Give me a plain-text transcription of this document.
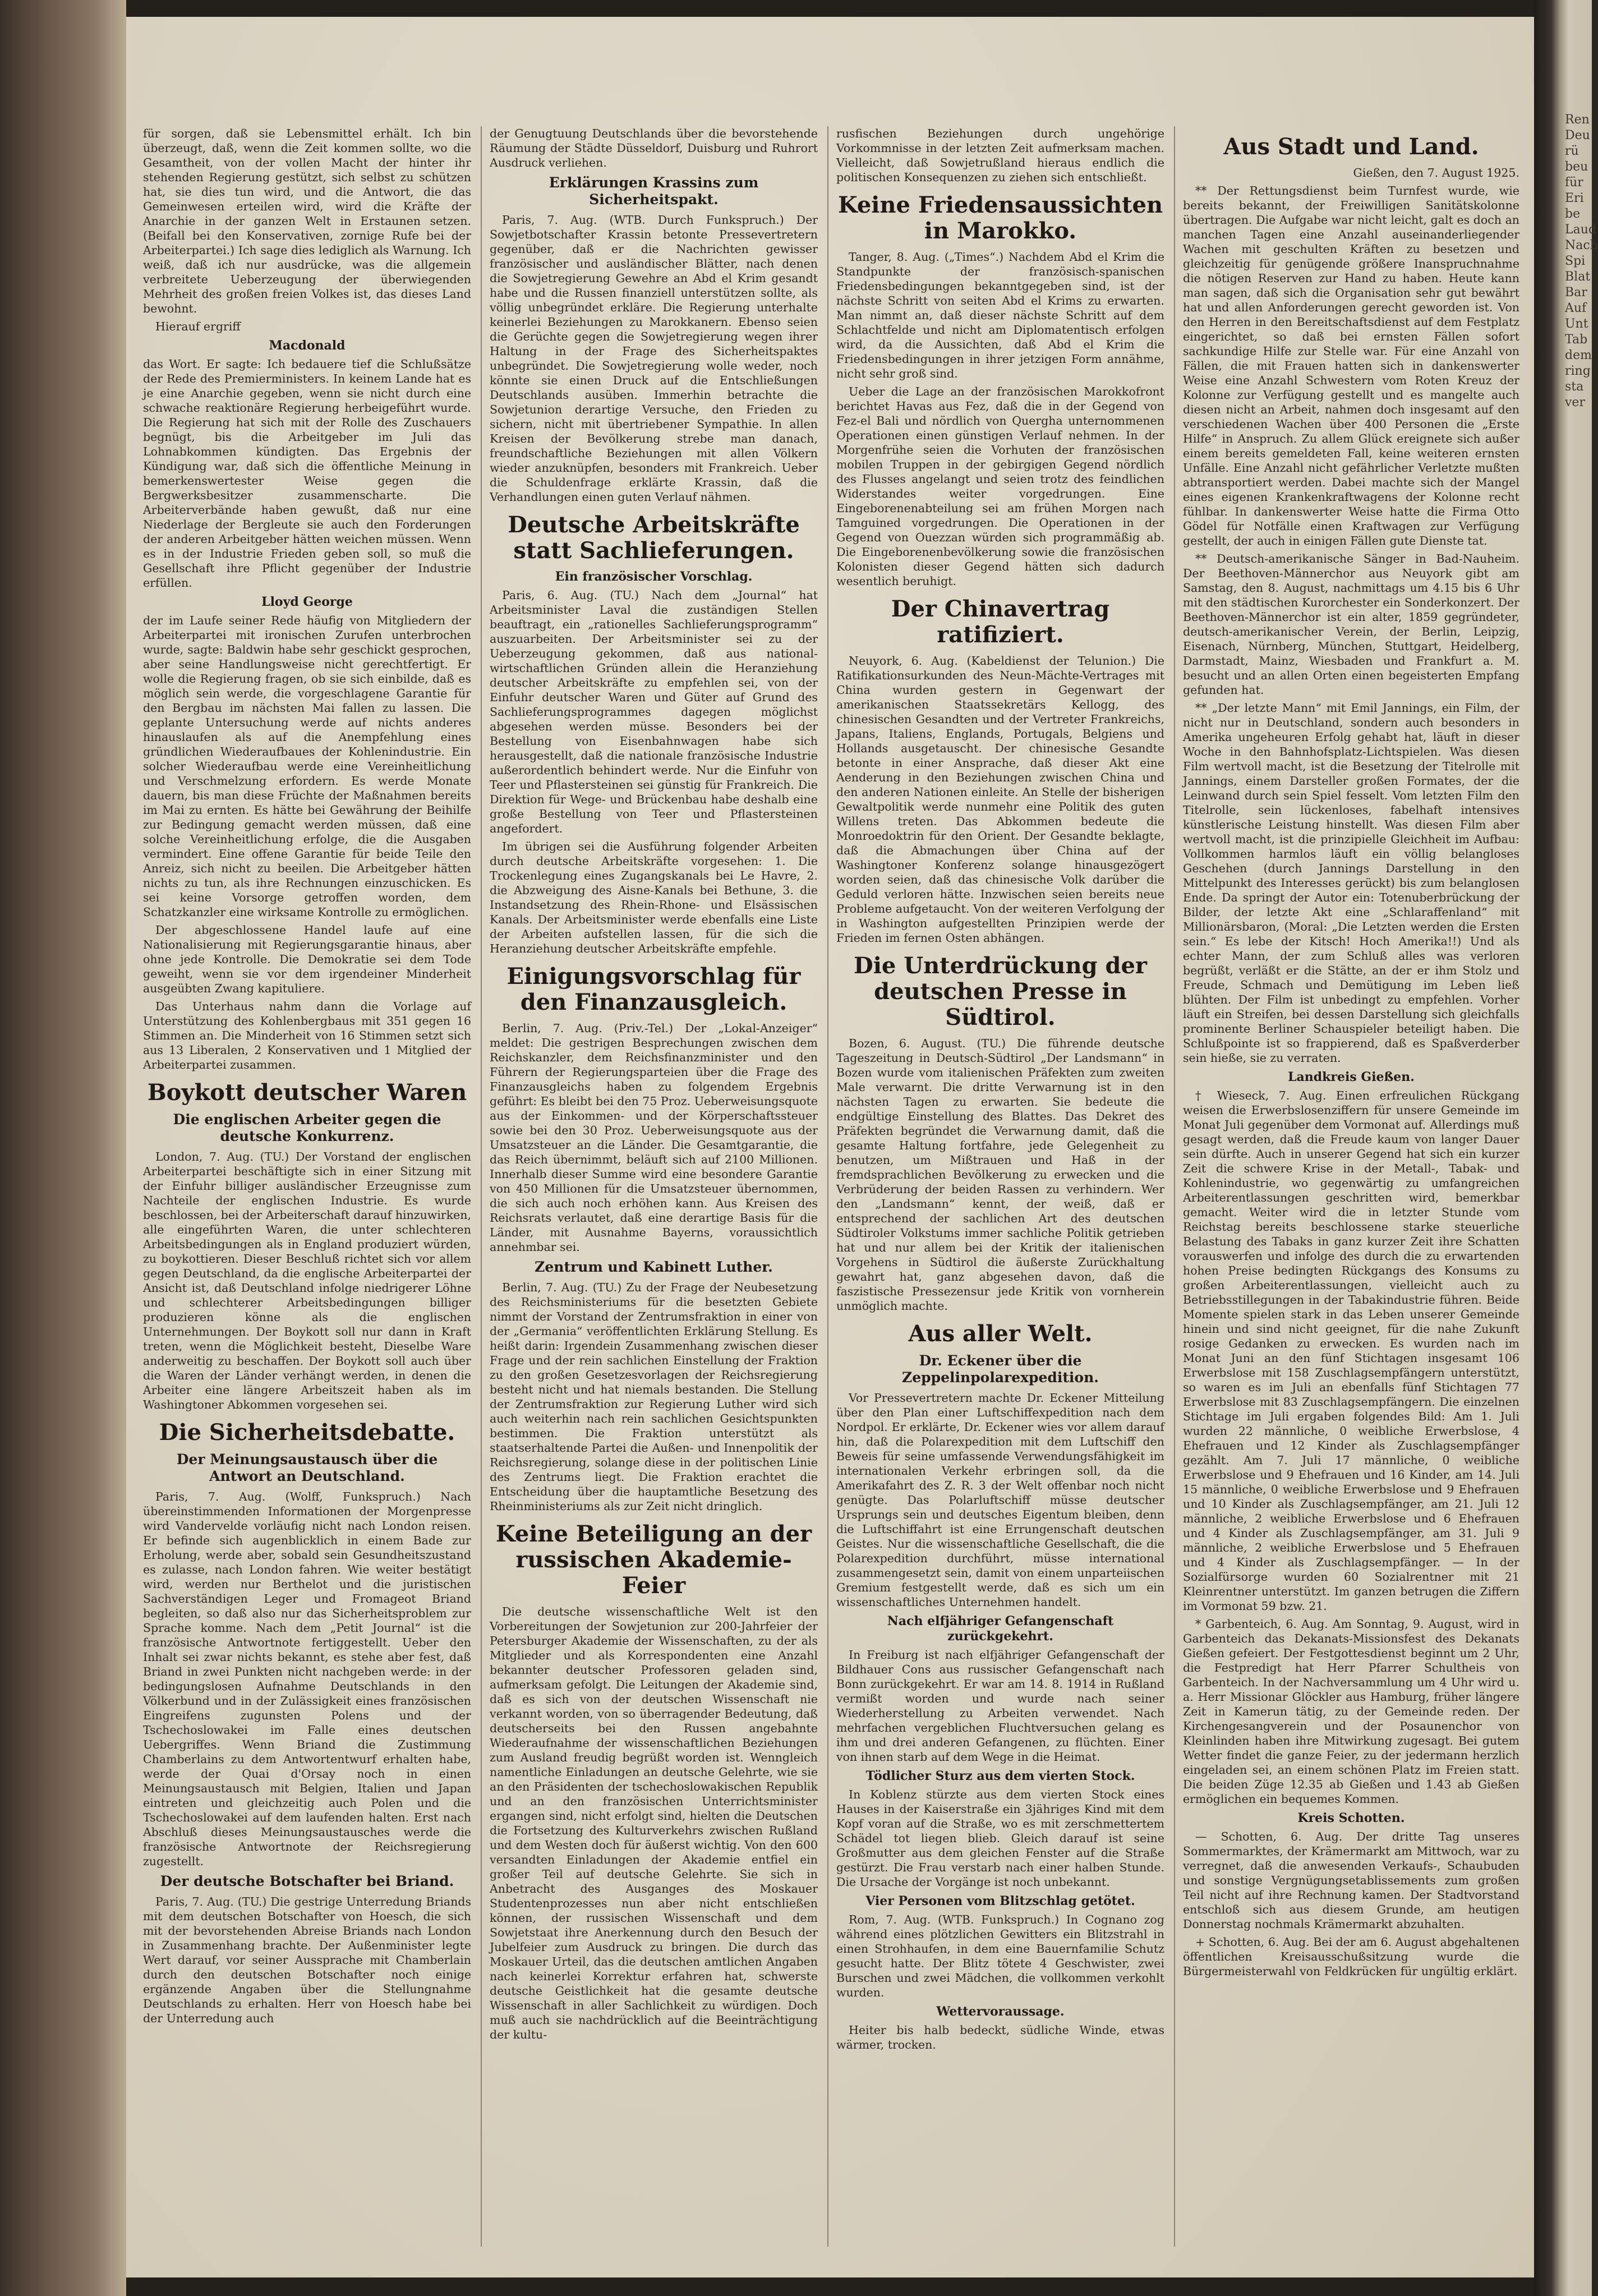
für sorgen, daß sie Lebensmittel erhält. Ich bin überzeugt, daß, wenn die Zeit kommen sollte, wo die Gesamtheit, von der vollen Macht der hinter ihr stehenden Regierung gestützt, sich selbst zu schützen hat, sie dies tun wird, und die Antwort, die das Gemeinwesen erteilen wird, wird die Kräfte der Anarchie in der ganzen Welt in Erstaunen setzen. (Beifall bei den Konservativen, zornige Rufe bei der Arbeiterpartei.) Ich sage dies lediglich als Warnung. Ich weiß, daß ich nur ausdrücke, was die allgemein verbreitete Ueberzeugung der überwiegenden Mehrheit des großen freien Volkes ist, das dieses Land bewohnt.

Hierauf ergriff

Macdonald

das Wort. Er sagte: Ich bedauere tief die Schlußsätze der Rede des Premierministers. In keinem Lande hat es je eine Anarchie gegeben, wenn sie nicht durch eine schwache reaktionäre Regierung herbeigeführt wurde. Die Regierung hat sich mit der Rolle des Zuschauers begnügt, bis die Arbeitgeber im Juli das Lohnabkommen kündigten. Das Ergebnis der Kündigung war, daß sich die öffentliche Meinung in bemerkenswertester Weise gegen die Bergwerksbesitzer zusammenscharte. Die Arbeiterverbände haben gewußt, daß nur eine Niederlage der Bergleute sie auch den Forderungen der anderen Arbeitgeber hätten weichen müssen. Wenn es in der Industrie Frieden geben soll, so muß die Gesellschaft ihre Pflicht gegenüber der Industrie erfüllen.

Lloyd George

der im Laufe seiner Rede häufig von Mitgliedern der Arbeiterpartei mit ironischen Zurufen unterbrochen wurde, sagte: Baldwin habe sehr geschickt gesprochen, aber seine Handlungsweise nicht gerechtfertigt. Er wolle die Regierung fragen, ob sie sich einbilde, daß es möglich sein werde, die vorgeschlagene Garantie für den Bergbau im nächsten Mai fallen zu lassen. Die geplante Untersuchung werde auf nichts anderes hinauslaufen als auf die Anempfehlung eines gründlichen Wiederaufbaues der Kohlenindustrie. Ein solcher Wiederaufbau werde eine Vereinheitlichung und Verschmelzung erfordern. Es werde Monate dauern, bis man diese Früchte der Maßnahmen bereits im Mai zu ernten. Es hätte bei Gewährung der Beihilfe zur Bedingung gemacht werden müssen, daß eine solche Vereinheitlichung erfolge, die die Ausgaben vermindert. Eine offene Garantie für beide Teile den Anreiz, sich nicht zu beeilen. Die Arbeitgeber hätten nichts zu tun, als ihre Rechnungen einzuschicken. Es sei keine Vorsorge getroffen worden, dem Schatzkanzler eine wirksame Kontrolle zu ermöglichen.

Der abgeschlossene Handel laufe auf eine Nationalisierung mit Regierungsgarantie hinaus, aber ohne jede Kontrolle. Die Demokratie sei dem Tode geweiht, wenn sie vor dem irgendeiner Minderheit ausgeübten Zwang kapituliere.

Das Unterhaus nahm dann die Vorlage auf Unterstützung des Kohlenbergbaus mit 351 gegen 16 Stimmen an. Die Minderheit von 16 Stimmen setzt sich aus 13 Liberalen, 2 Konservativen und 1 Mitglied der Arbeiterpartei zusammen.

Boykott deutscher Waren
Die englischen Arbeiter gegen die deutsche Konkurrenz.

London, 7. Aug. (TU.) Der Vorstand der englischen Arbeiterpartei beschäftigte sich in einer Sitzung mit der Einfuhr billiger ausländischer Erzeugnisse zum Nachteile der englischen Industrie. Es wurde beschlossen, bei der Arbeiterschaft darauf hinzuwirken, alle eingeführten Waren, die unter schlechteren Arbeitsbedingungen als in England produziert würden, zu boykottieren. Dieser Beschluß richtet sich vor allem gegen Deutschland, da die englische Arbeiterpartei der Ansicht ist, daß Deutschland infolge niedrigerer Löhne und schlechterer Arbeitsbedingungen billiger produzieren könne als die englischen Unternehmungen. Der Boykott soll nur dann in Kraft treten, wenn die Möglichkeit besteht, Dieselbe Ware anderweitig zu beschaffen. Der Boykott soll auch über die Waren der Länder verhängt werden, in denen die Arbeiter eine längere Arbeitszeit haben als im Washingtoner Abkommen vorgesehen sei.

Die Sicherheitsdebatte.
Der Meinungsaustausch über die Antwort an Deutschland.

Paris, 7. Aug. (Wolff, Funkspruch.) Nach übereinstimmenden Informationen der Morgenpresse wird Vandervelde vorläufig nicht nach London reisen. Er befinde sich augenblicklich in einem Bade zur Erholung, werde aber, sobald sein Gesundheitszustand es zulasse, nach London fahren. Wie weiter bestätigt wird, werden nur Berthelot und die juristischen Sachverständigen Leger und Fromageot Briand begleiten, so daß also nur das Sicherheitsproblem zur Sprache komme. Nach dem „Petit Journal“ ist die französische Antwortnote fertiggestellt. Ueber den Inhalt sei zwar nichts bekannt, es stehe aber fest, daß Briand in zwei Punkten nicht nachgeben werde: in der bedingungslosen Aufnahme Deutschlands in den Völkerbund und in der Zulässigkeit eines französischen Eingreifens zugunsten Polens und der Tschechoslowakei im Falle eines deutschen Uebergriffes. Wenn Briand die Zustimmung Chamberlains zu dem Antwortentwurf erhalten habe, werde der Quai d'Orsay noch in einen Meinungsaustausch mit Belgien, Italien und Japan eintreten und gleichzeitig auch Polen und die Tschechoslowakei auf dem laufenden halten. Erst nach Abschluß dieses Meinungsaustausches werde die französische Antwortnote der Reichsregierung zugestellt.

Der deutsche Botschafter bei Briand.

Paris, 7. Aug. (TU.) Die gestrige Unterredung Briands mit dem deutschen Botschafter von Hoesch, die sich mit der bevorstehenden Abreise Briands nach London in Zusammenhang brachte. Der Außenminister legte Wert darauf, vor seiner Aussprache mit Chamberlain durch den deutschen Botschafter noch einige ergänzende Angaben über die Stellungnahme Deutschlands zu erhalten. Herr von Hoesch habe bei der Unterredung auch

der Genugtuung Deutschlands über die bevorstehende Räumung der Städte Düsseldorf, Duisburg und Ruhrort Ausdruck verliehen.

Erklärungen Krassins zum Sicherheitspakt.

Paris, 7. Aug. (WTB. Durch Funkspruch.) Der Sowjetbotschafter Krassin betonte Pressevertretern gegenüber, daß er die Nachrichten gewisser französischer und ausländischer Blätter, nach denen die Sowjetregierung Gewehre an Abd el Krim gesandt habe und die Russen finanziell unterstützen sollte, als völlig unbegründet erkläre. Die Regierung unterhalte keinerlei Beziehungen zu Marokkanern. Ebenso seien die Gerüchte gegen die Sowjetregierung wegen ihrer Haltung in der Frage des Sicherheitspaktes unbegründet. Die Sowjetregierung wolle weder, noch könnte sie einen Druck auf die Entschließungen Deutschlands ausüben. Immerhin betrachte die Sowjetunion derartige Versuche, den Frieden zu sichern, nicht mit übertriebener Sympathie. In allen Kreisen der Bevölkerung strebe man danach, freundschaftliche Beziehungen mit allen Völkern wieder anzuknüpfen, besonders mit Frankreich. Ueber die Schuldenfrage erklärte Krassin, daß die Verhandlungen einen guten Verlauf nähmen.

Deutsche Arbeitskräfte statt Sachlieferungen.
Ein französischer Vorschlag.

Paris, 6. Aug. (TU.) Nach dem „Journal“ hat Arbeitsminister Laval die zuständigen Stellen beauftragt, ein „rationelles Sachlieferungsprogramm“ auszuarbeiten. Der Arbeitsminister sei zu der Ueberzeugung gekommen, daß aus national-wirtschaftlichen Gründen allein die Heranziehung deutscher Arbeitskräfte zu empfehlen sei, von der Einfuhr deutscher Waren und Güter auf Grund des Sachlieferungsprogrammes dagegen möglichst abgesehen werden müsse. Besonders bei der Bestellung von Eisenbahnwagen habe sich herausgestellt, daß die nationale französische Industrie außerordentlich behindert werde. Nur die Einfuhr von Teer und Pflastersteinen sei günstig für Frankreich. Die Direktion für Wege- und Brückenbau habe deshalb eine große Bestellung von Teer und Pflastersteinen angefordert.

Im übrigen sei die Ausführung folgender Arbeiten durch deutsche Arbeitskräfte vorgesehen: 1. Die Trockenlegung eines Zugangskanals bei Le Havre, 2. die Abzweigung des Aisne-Kanals bei Bethune, 3. die Instandsetzung des Rhein-Rhone- und Elsässischen Kanals. Der Arbeitsminister werde ebenfalls eine Liste der Arbeiten aufstellen lassen, für die sich die Heranziehung deutscher Arbeitskräfte empfehle.

Einigungsvorschlag für den Finanzausgleich.

Berlin, 7. Aug. (Priv.-Tel.) Der „Lokal-Anzeiger“ meldet: Die gestrigen Besprechungen zwischen dem Reichskanzler, dem Reichsfinanzminister und den Führern der Regierungsparteien über die Frage des Finanzausgleichs haben zu folgendem Ergebnis geführt: Es bleibt bei den 75 Proz. Ueberweisungsquote aus der Einkommen- und der Körperschaftssteuer sowie bei den 30 Proz. Ueberweisungsquote aus der Umsatzsteuer an die Länder. Die Gesamtgarantie, die das Reich übernimmt, beläuft sich auf 2100 Millionen. Innerhalb dieser Summe wird eine besondere Garantie von 450 Millionen für die Umsatzsteuer übernommen, die sich auch noch erhöhen kann. Aus Kreisen des Reichsrats verlautet, daß eine derartige Basis für die Länder, mit Ausnahme Bayerns, voraussichtlich annehmbar sei.

Zentrum und Kabinett Luther.

Berlin, 7. Aug. (TU.) Zu der Frage der Neubesetzung des Reichsministeriums für die besetzten Gebiete nimmt der Vorstand der Zentrumsfraktion in einer von der „Germania“ veröffentlichten Erklärung Stellung. Es heißt darin: Irgendein Zusammenhang zwischen dieser Frage und der rein sachlichen Einstellung der Fraktion zu den großen Gesetzesvorlagen der Reichsregierung besteht nicht und hat niemals bestanden. Die Stellung der Zentrumsfraktion zur Regierung Luther wird sich auch weiterhin nach rein sachlichen Gesichtspunkten bestimmen. Die Fraktion unterstützt als staatserhaltende Partei die Außen- und Innenpolitik der Reichsregierung, solange diese in der politischen Linie des Zentrums liegt. Die Fraktion erachtet die Entscheidung über die hauptamtliche Besetzung des Rheinministeriums als zur Zeit nicht dringlich.

Keine Beteiligung an der russischen Akademie-Feier

Die deutsche wissenschaftliche Welt ist den Vorbereitungen der Sowjetunion zur 200-Jahrfeier der Petersburger Akademie der Wissenschaften, zu der als Mitglieder und als Korrespondenten eine Anzahl bekannter deutscher Professoren geladen sind, aufmerksam gefolgt. Die Leitungen der Akademie sind, daß es sich von der deutschen Wissenschaft nie verkannt worden, von so überragender Bedeutung, daß deutscherseits bei den Russen angebahnte Wiederaufnahme der wissenschaftlichen Beziehungen zum Ausland freudig begrüßt worden ist. Wenngleich namentliche Einladungen an deutsche Gelehrte, wie sie an den Präsidenten der tschechoslowakischen Republik und an den französischen Unterrichtsminister ergangen sind, nicht erfolgt sind, hielten die Deutschen die Fortsetzung des Kulturverkehrs zwischen Rußland und dem Westen doch für äußerst wichtig. Von den 600 versandten Einladungen der Akademie entfiel ein großer Teil auf deutsche Gelehrte. Sie sich in Anbetracht des Ausganges des Moskauer Studentenprozesses nun aber nicht entschließen können, der russischen Wissenschaft und dem Sowjetstaat ihre Anerkennung durch den Besuch der Jubelfeier zum Ausdruck zu bringen. Die durch das Moskauer Urteil, das die deutschen amtlichen Angaben nach keinerlei Korrektur erfahren hat, schwerste deutsche Geistlichkeit hat die gesamte deutsche Wissenschaft in aller Sachlichkeit zu würdigen. Doch muß auch sie nachdrücklich auf die Beeinträchtigung der kultu-

rusfischen Beziehungen durch ungehörige Vorkommnisse in der letzten Zeit aufmerksam machen. Vielleicht, daß Sowjetrußland hieraus endlich die politischen Konsequenzen zu ziehen sich entschließt.

Keine Friedensaussichten in Marokko.

Tanger, 8. Aug. („Times“.) Nachdem Abd el Krim die Standpunkte der französisch-spanischen Friedensbedingungen bekanntgegeben sind, ist der nächste Schritt von seiten Abd el Krims zu erwarten. Man nimmt an, daß dieser nächste Schritt auf dem Schlachtfelde und nicht am Diplomatentisch erfolgen wird, da die Aussichten, daß Abd el Krim die Friedensbedingungen in ihrer jetzigen Form annähme, nicht sehr groß sind.

Ueber die Lage an der französischen Marokkofront berichtet Havas aus Fez, daß die in der Gegend von Fez-el Bali und nördlich von Quergha unternommenen Operationen einen günstigen Verlauf nehmen. In der Morgenfrühe seien die Vorhuten der französischen mobilen Truppen in der gebirgigen Gegend nördlich des Flusses angelangt und seien trotz des feindlichen Widerstandes weiter vorgedrungen. Eine Eingeborenenabteilung sei am frühen Morgen nach Tamguined vorgedrungen. Die Operationen in der Gegend von Ouezzan würden sich programmäßig ab. Die Eingeborenenbevölkerung sowie die französischen Kolonisten dieser Gegend hätten sich dadurch wesentlich beruhigt.

Der Chinavertrag ratifiziert.

Neuyork, 6. Aug. (Kabeldienst der Telunion.) Die Ratifikationsurkunden des Neun-Mächte-Vertrages mit China wurden gestern in Gegenwart der amerikanischen Staatssekretärs Kellogg, des chinesischen Gesandten und der Vertreter Frankreichs, Japans, Italiens, Englands, Portugals, Belgiens und Hollands ausgetauscht. Der chinesische Gesandte betonte in einer Ansprache, daß dieser Akt eine Aenderung in den Beziehungen zwischen China und den anderen Nationen einleite. An Stelle der bisherigen Gewaltpolitik werde nunmehr eine Politik des guten Willens treten. Das Abkommen bedeute die Monroedoktrin für den Orient. Der Gesandte beklagte, daß die Abmachungen über China auf der Washingtoner Konferenz solange hinausgezögert worden seien, daß das chinesische Volk darüber die Geduld verloren hätte. Inzwischen seien bereits neue Probleme aufgetaucht. Von der weiteren Verfolgung der in Washington aufgestellten Prinzipien werde der Frieden im fernen Osten abhängen.

Die Unterdrückung der deutschen Presse in Südtirol.

Bozen, 6. August. (TU.) Die führende deutsche Tageszeitung in Deutsch-Südtirol „Der Landsmann“ in Bozen wurde vom italienischen Präfekten zum zweiten Male verwarnt. Die dritte Verwarnung ist in den nächsten Tagen zu erwarten. Sie bedeute die endgültige Einstellung des Blattes. Das Dekret des Präfekten begründet die Verwarnung damit, daß die gesamte Haltung fortfahre, jede Gelegenheit zu benutzen, um Mißtrauen und Haß in der fremdsprachlichen Bevölkerung zu erwecken und die Verbrüderung der beiden Rassen zu verhindern. Wer den „Landsmann“ kennt, der weiß, daß er entsprechend der sachlichen Art des deutschen Südtiroler Volkstums immer sachliche Politik getrieben hat und nur allem bei der Kritik der italienischen Vorgehens in Südtirol die äußerste Zurückhaltung gewahrt hat, ganz abgesehen davon, daß die faszistische Pressezensur jede Kritik von vornherein unmöglich machte.

Aus aller Welt.
Dr. Eckener über die Zeppelinpolarexpedition.

Vor Pressevertretern machte Dr. Eckener Mitteilung über den Plan einer Luftschiffexpedition nach dem Nordpol. Er erklärte, Dr. Eckener wies vor allem darauf hin, daß die Polarexpedition mit dem Luftschiff den Beweis für seine umfassende Verwendungsfähigkeit im internationalen Verkehr erbringen soll, da die Amerikafahrt des Z. R. 3 der Welt offenbar noch nicht genügte. Das Polarluftschiff müsse deutscher Ursprungs sein und deutsches Eigentum bleiben, denn die Luftschiffahrt ist eine Errungenschaft deutschen Geistes. Nur die wissenschaftliche Gesellschaft, die die Polarexpedition durchführt, müsse international zusammengesetzt sein, damit von einem unparteiischen Gremium festgestellt werde, daß es sich um ein wissenschaftliches Unternehmen handelt.

Nach elfjähriger Gefangenschaft zurückgekehrt.

In Freiburg ist nach elfjähriger Gefangenschaft der Bildhauer Cons aus russischer Gefangenschaft nach Bonn zurückgekehrt. Er war am 14. 8. 1914 in Rußland vermißt worden und wurde nach seiner Wiederherstellung zu Arbeiten verwendet. Nach mehrfachen vergeblichen Fluchtversuchen gelang es ihm und drei anderen Gefangenen, zu flüchten. Einer von ihnen starb auf dem Wege in die Heimat.

Tödlicher Sturz aus dem vierten Stock.

In Koblenz stürzte aus dem vierten Stock eines Hauses in der Kaiserstraße ein 3jähriges Kind mit dem Kopf voran auf die Straße, wo es mit zerschmettertem Schädel tot liegen blieb. Gleich darauf ist seine Großmutter aus dem gleichen Fenster auf die Straße gestürzt. Die Frau verstarb nach einer halben Stunde. Die Ursache der Vorgänge ist noch unbekannt.

Vier Personen vom Blitzschlag getötet.

Rom, 7. Aug. (WTB. Funkspruch.) In Cognano zog während eines plötzlichen Gewitters ein Blitzstrahl in einen Strohhaufen, in dem eine Bauernfamilie Schutz gesucht hatte. Der Blitz tötete 4 Geschwister, zwei Burschen und zwei Mädchen, die vollkommen verkohlt wurden.

Wettervoraussage.

Heiter bis halb bedeckt, südliche Winde, etwas wärmer, trocken.

Aus Stadt und Land.

Gießen, den 7. August 1925.

** Der Rettungsdienst beim Turnfest wurde, wie bereits bekannt, der Freiwilligen Sanitätskolonne übertragen. Die Aufgabe war nicht leicht, galt es doch an manchen Tagen eine Anzahl auseinanderliegender Wachen mit geschulten Kräften zu besetzen und gleichzeitig für genügende größere Inanspruchnahme die nötigen Reserven zur Hand zu haben. Heute kann man sagen, daß sich die Organisation sehr gut bewährt hat und allen Anforderungen gerecht geworden ist. Von den Herren in den Bereitschaftsdienst auf dem Festplatz eingerichtet, so daß bei ernsten Fällen sofort sachkundige Hilfe zur Stelle war. Für eine Anzahl von Fällen, die mit Frauen hatten sich in dankenswerter Weise eine Anzahl Schwestern vom Roten Kreuz der Kolonne zur Verfügung gestellt und es mangelte auch diesen nicht an Arbeit, nahmen doch insgesamt auf den verschiedenen Wachen über 400 Personen die „Erste Hilfe“ in Anspruch. Zu allem Glück ereignete sich außer einem bereits gemeldeten Fall, keine weiteren ernsten Unfälle. Eine Anzahl nicht gefährlicher Verletzte mußten abtransportiert werden. Dabei machte sich der Mangel eines eigenen Krankenkraftwagens der Kolonne recht fühlbar. In dankenswerter Weise hatte die Firma Otto Gödel für Notfälle einen Kraftwagen zur Verfügung gestellt, der auch in einigen Fällen gute Dienste tat.

** Deutsch-amerikanische Sänger in Bad-Nauheim. Der Beethoven-Männerchor aus Neuyork gibt am Samstag, den 8. August, nachmittags um 4.15 bis 6 Uhr mit den städtischen Kurorchester ein Sonderkonzert. Der Beethoven-Männerchor ist ein alter, 1859 gegründeter, deutsch-amerikanischer Verein, der Berlin, Leipzig, Eisenach, Nürnberg, München, Stuttgart, Heidelberg, Darmstadt, Mainz, Wiesbaden und Frankfurt a. M. besucht und an allen Orten einen begeisterten Empfang gefunden hat.

** „Der letzte Mann“ mit Emil Jannings, ein Film, der nicht nur in Deutschland, sondern auch besonders in Amerika ungeheuren Erfolg gehabt hat, läuft in dieser Woche in den Bahnhofsplatz-Lichtspielen. Was diesen Film wertvoll macht, ist die Besetzung der Titelrolle mit Jannings, einem Darsteller großen Formates, der die Leinwand durch sein Spiel fesselt. Vom letzten Film den Titelrolle, sein lückenloses, fabelhaft intensives künstlerische Leistung hinstellt. Was diesen Film aber wertvoll macht, ist die prinzipielle Gleichheit im Aufbau: Vollkommen harmlos läuft ein völlig belangloses Geschehen (durch Jannings Darstellung in den Mittelpunkt des Interesses gerückt) bis zum belanglosen Ende. Da springt der Autor ein: Totenuberbrückung der Bilder, der letzte Akt eine „Schlaraffenland“ mit Millionärsbaron, (Moral: „Die Letzten werden die Ersten sein.“ Es lebe der Kitsch! Hoch Amerika!!) Und als echter Mann, der zum Schluß alles was verloren begrüßt, verläßt er die Stätte, an der er ihm Stolz und Freude, Schmach und Demütigung im Leben ließ blühten. Der Film ist unbedingt zu empfehlen. Vorher läuft ein Streifen, bei dessen Darstellung sich gleichfalls prominente Berliner Schauspieler beteiligt haben. Die Schlußpointe ist so frappierend, daß es Spaßverderber sein hieße, sie zu verraten.

Landkreis Gießen.

† Wieseck, 7. Aug. Einen erfreulichen Rückgang weisen die Erwerbslosenziffern für unsere Gemeinde im Monat Juli gegenüber dem Vormonat auf. Allerdings muß gesagt werden, daß die Freude kaum von langer Dauer sein dürfte. Auch in unserer Gegend hat sich ein kurzer Zeit die schwere Krise in der Metall-, Tabak- und Kohlenindustrie, wo gegenwärtig zu umfangreichen Arbeiterentlassungen geschritten wird, bemerkbar gemacht. Weiter wird die in letzter Stunde vom Reichstag bereits beschlossene starke steuerliche Belastung des Tabaks in ganz kurzer Zeit ihre Schatten vorauswerfen und infolge des durch die zu erwartenden hohen Preise bedingten Rückgangs des Konsums zu großen Arbeiterentlassungen, vielleicht auch zu Betriebsstillegungen in der Tabakindustrie führen. Beide Momente spielen stark in das Leben unserer Gemeinde hinein und sind nicht geeignet, für die nahe Zukunft rosige Gedanken zu erwecken. Es wurden nach im Monat Juni an den fünf Stichtagen insgesamt 106 Erwerbslose mit 158 Zuschlagsempfängern unterstützt, so waren es im Juli an ebenfalls fünf Stichtagen 77 Erwerbslose mit 83 Zuschlagsempfängern. Die einzelnen Stichtage im Juli ergaben folgendes Bild: Am 1. Juli wurden 22 männliche, 0 weibliche Erwerbslose, 4 Ehefrauen und 12 Kinder als Zuschlagsempfänger gezählt. Am 7. Juli 17 männliche, 0 weibliche Erwerbslose und 9 Ehefrauen und 16 Kinder, am 14. Juli 15 männliche, 0 weibliche Erwerbslose und 9 Ehefrauen und 10 Kinder als Zuschlagsempfänger, am 21. Juli 12 männliche, 2 weibliche Erwerbslose und 6 Ehefrauen und 4 Kinder als Zuschlagsempfänger, am 31. Juli 9 männliche, 2 weibliche Erwerbslose und 5 Ehefrauen und 4 Kinder als Zuschlagsempfänger. — In der Sozialfürsorge wurden 60 Sozialrentner mit 21 Kleinrentner unterstützt. Im ganzen betrugen die Ziffern im Vormonat 59 bzw. 21.

* Garbenteich, 6. Aug. Am Sonntag, 9. August, wird in Garbenteich das Dekanats-Missionsfest des Dekanats Gießen gefeiert. Der Festgottesdienst beginnt um 2 Uhr, die Festpredigt hat Herr Pfarrer Schultheis von Garbenteich. In der Nachversammlung um 4 Uhr wird u. a. Herr Missionar Glöckler aus Hamburg, früher längere Zeit in Kamerun tätig, zu der Gemeinde reden. Der Kirchengesangverein und der Posaunenchor von Kleinlinden haben ihre Mitwirkung zugesagt. Bei gutem Wetter findet die ganze Feier, zu der jedermann herzlich eingeladen sei, an einem schönen Platz im Freien statt. Die beiden Züge 12.35 ab Gießen und 1.43 ab Gießen ermöglichen ein bequemes Kommen.

Kreis Schotten.

— Schotten, 6. Aug. Der dritte Tag unseres Sommermarktes, der Krämermarkt am Mittwoch, war zu verregnet, daß die anwesenden Verkaufs-, Schaubuden und sonstige Vergnügungsetablissements zum großen Teil nicht auf ihre Rechnung kamen. Der Stadtvorstand entschloß sich aus diesem Grunde, am heutigen Donnerstag nochmals Krämermarkt abzuhalten.

+ Schotten, 6. Aug. Bei der am 6. August abgehaltenen öffentlichen Kreisausschußsitzung wurde die Bürgermeisterwahl von Feldkrücken für ungültig erklärt.

Ren Deu rü beu für Eri be Laud Nach Spi Blat Bar Auf Unt Tab dem ring sta ver
